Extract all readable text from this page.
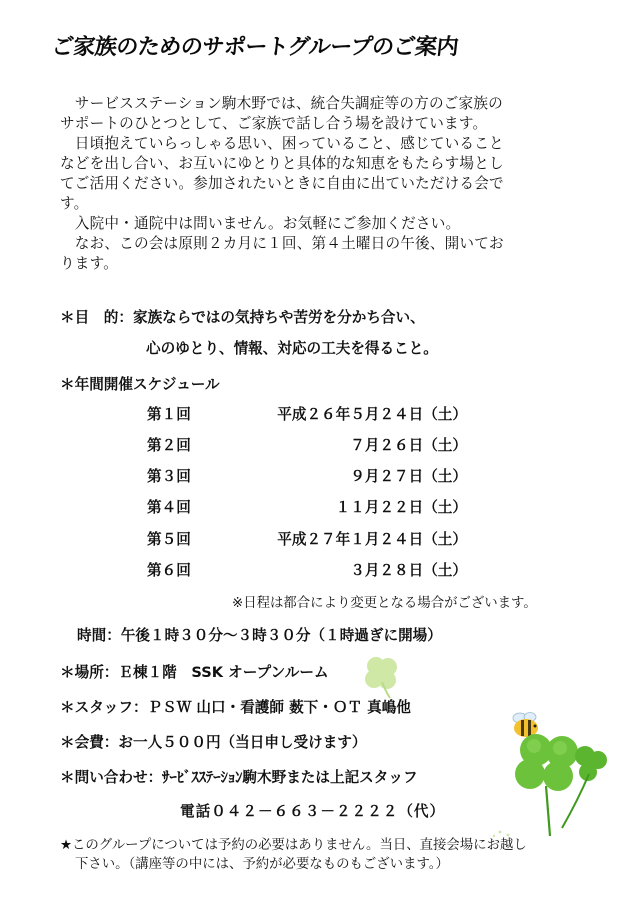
ご家族のためのサポートグループのご案内
　サービスステーション駒木野では、統合失調症等の方のご家族の
サポートのひとつとして、ご家族で話し合う場を設けています。
　日頃抱えていらっしゃる思い、困っていること、感じていること
などを出し合い、お互いにゆとりと具体的な知恵をもたらす場とし
てご活用ください。参加されたいときに自由に出ていただける会で
す。
　入院中・通院中は問いません。お気軽にご参加ください。
　なお、この会は原則２カ月に１回、第４土曜日の午後、開いてお
ります。
＊目　的：家族ならではの気持ちや苦労を分かち合い、
心のゆとり、情報、対応の工夫を得ること。
＊年間開催スケジュール
第１回	平成２６年５月２４日（土）
第２回	７月２６日（土）
第３回	９月２７日（土）
第４回	１１月２２日（土）
第５回	平成２７年１月２４日（土）
第６回	３月２８日（土）
※日程は都合により変更となる場合がございます。
時間：午後１時３０分～３時３０分（１時過ぎに開場）
＊場所：Ｅ棟１階　SSK オープンルーム
＊スタッフ：ＰＳＷ 山口・看護師 薮下・ＯＴ 真嶋他
＊会費：お一人５００円（当日申し受けます）
＊問い合わせ：ｻｰﾋﾞｽｽﾃｰｼｮﾝ駒木野または上記スタッフ
電話０４２－６６３－２２２２（代）
★このグループについては予約の必要はありません。当日、直接会場にお越し
下さい。（講座等の中には、予約が必要なものもございます。）
